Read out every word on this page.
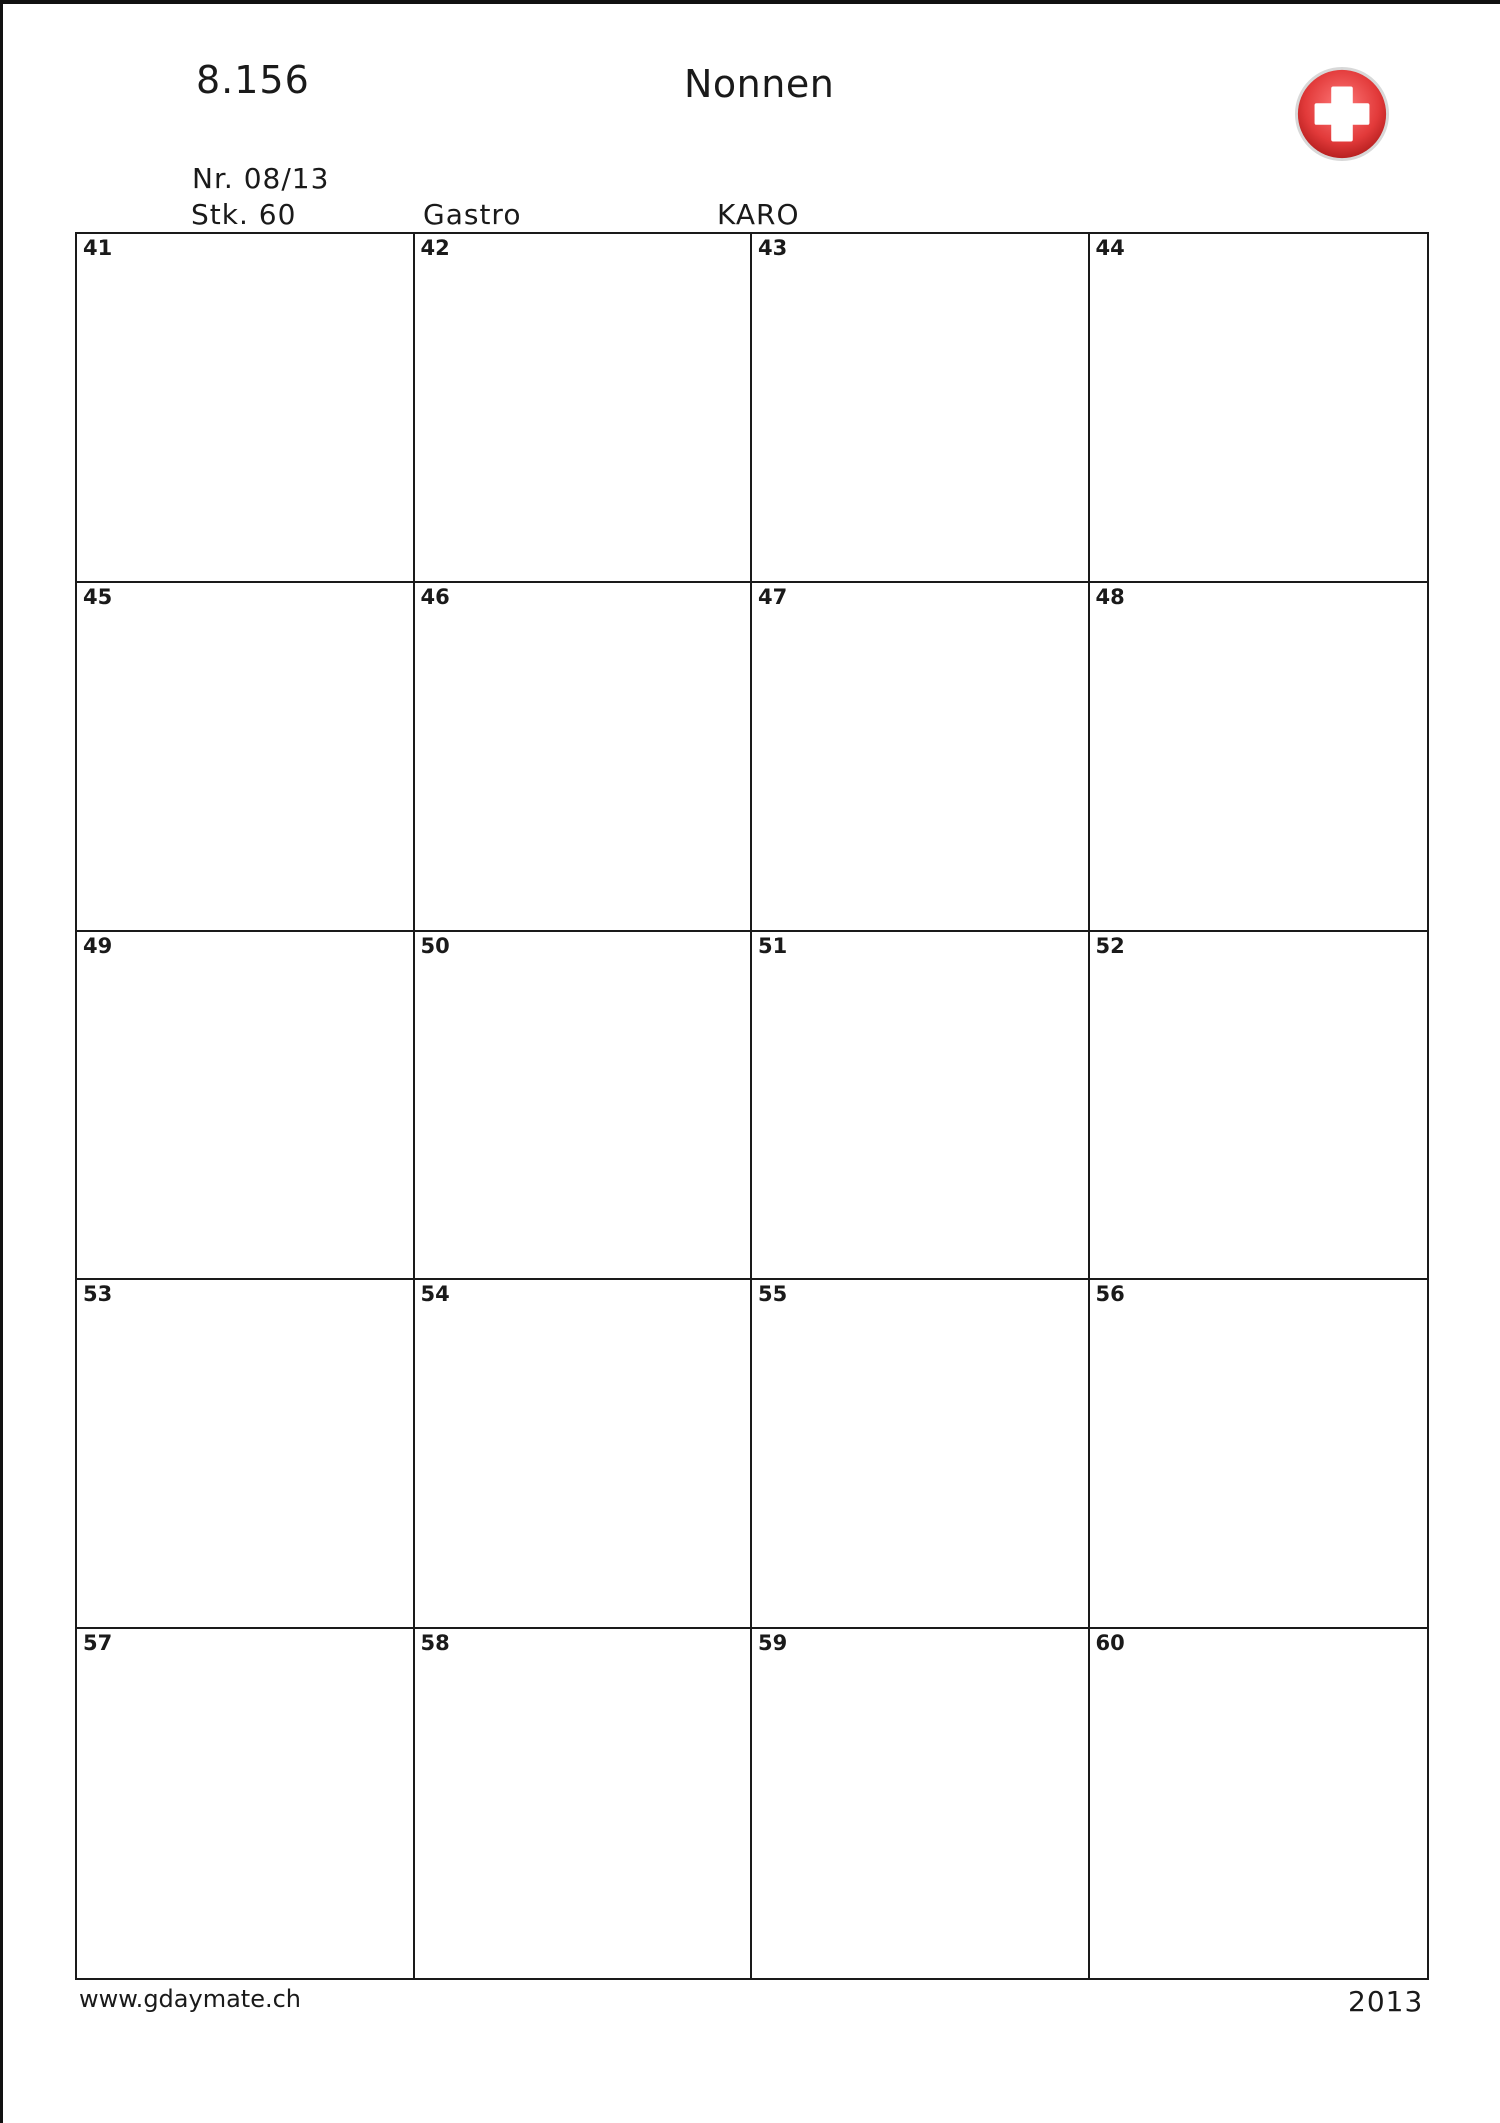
8.156	Nonnen
Nr. 08/13
Stk. 60	Gastro	KARO
41	42	43	44
45	46	47	48
49	50	51	52
53	54	55	56
57	58	59	60
www.gdaymate.ch	2013
